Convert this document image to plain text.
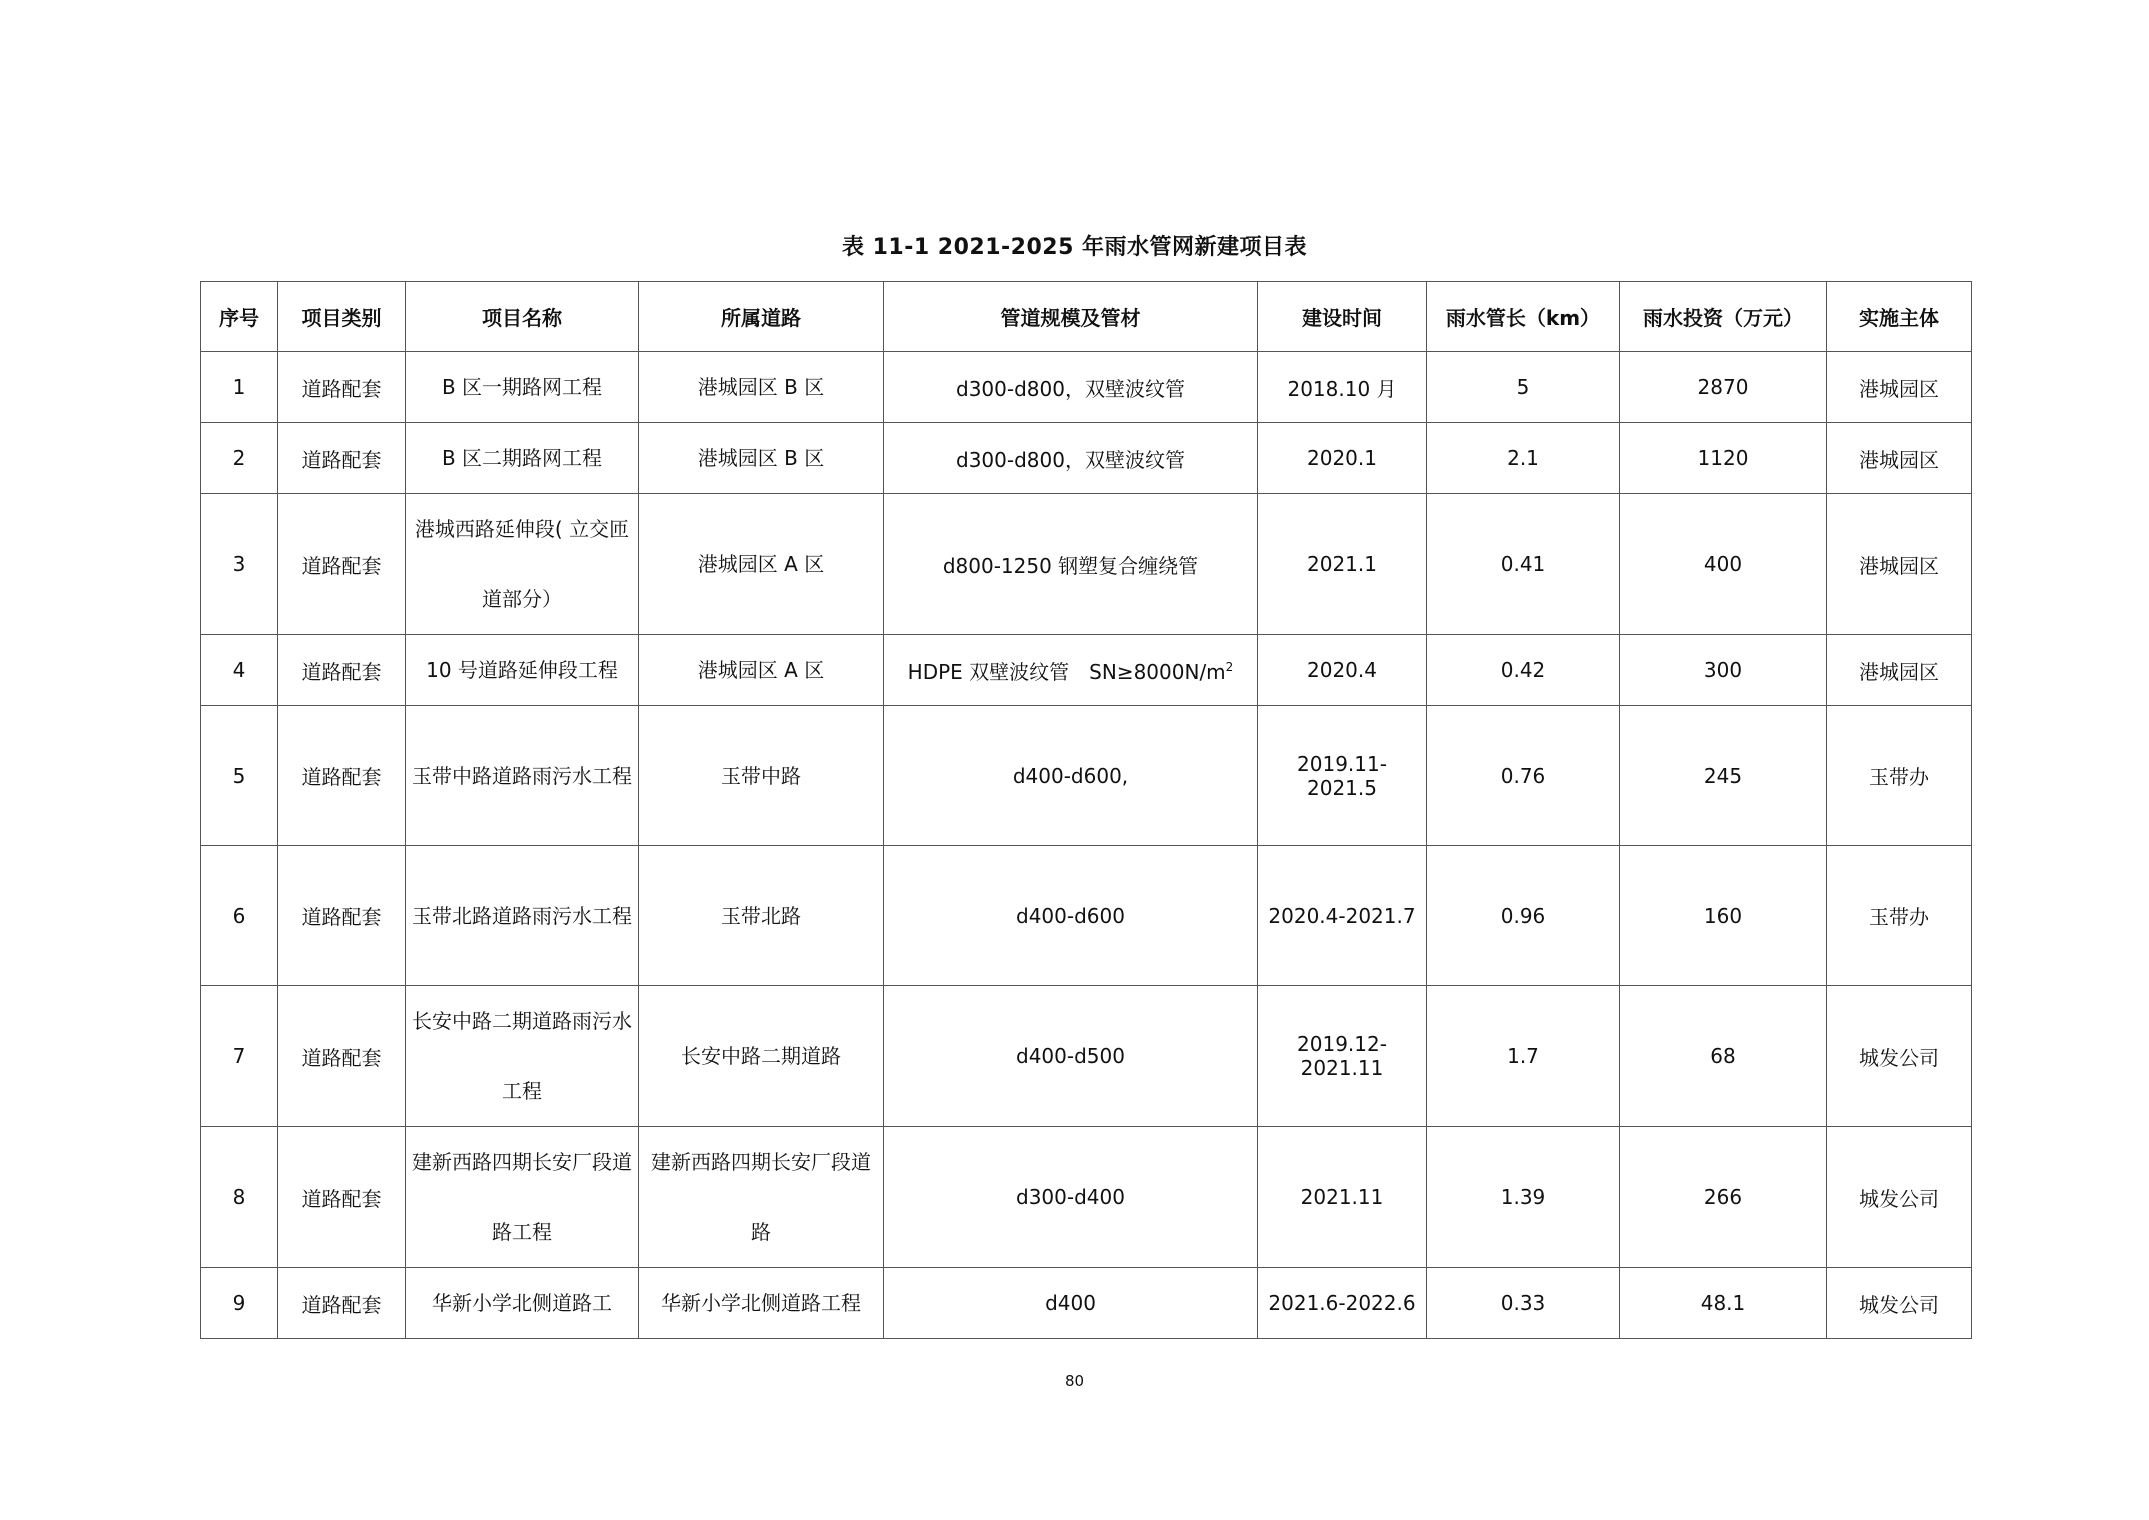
表 11-1 2021-2025 年雨水管网新建项目表
序号	项目类别	项目名称	所属道路	管道规模及管材	建设时间	雨水管长（km）	雨水投资（万元）	实施主体
1	道路配套	B 区一期路网工程	港城园区 B 区	d300-d800，双壁波纹管	2018.10 月	5	2870	港城园区
2	道路配套	B 区二期路网工程	港城园区 B 区	d300-d800，双壁波纹管	2020.1	2.1	1120	港城园区
3	道路配套	港城西路延伸段( 立交匝道部分）	港城园区 A 区	d800-1250 钢塑复合缠绕管	2021.1	0.41	400	港城园区
4	道路配套	10 号道路延伸段工程	港城园区 A 区	HDPE 双壁波纹管　$SN\ge 8000N/m^2$	2020.4	0.42	300	港城园区
5	道路配套	玉带中路道路雨污水工程	玉带中路	d400-d600,	2019.11-2021.5	0.76	245	玉带办
6	道路配套	玉带北路道路雨污水工程	玉带北路	d400-d600	2020.4-2021.7	0.96	160	玉带办
7	道路配套	长安中路二期道路雨污水工程	长安中路二期道路	d400-d500	2019.12-2021.11	1.7	68	城发公司
8	道路配套	建新西路四期长安厂段道路工程	建新西路四期长安厂段道路	d300-d400	2021.11	1.39	266	城发公司
9	道路配套	华新小学北侧道路工	华新小学北侧道路工程	d400	2021.6-2022.6	0.33	48.1	城发公司
80
